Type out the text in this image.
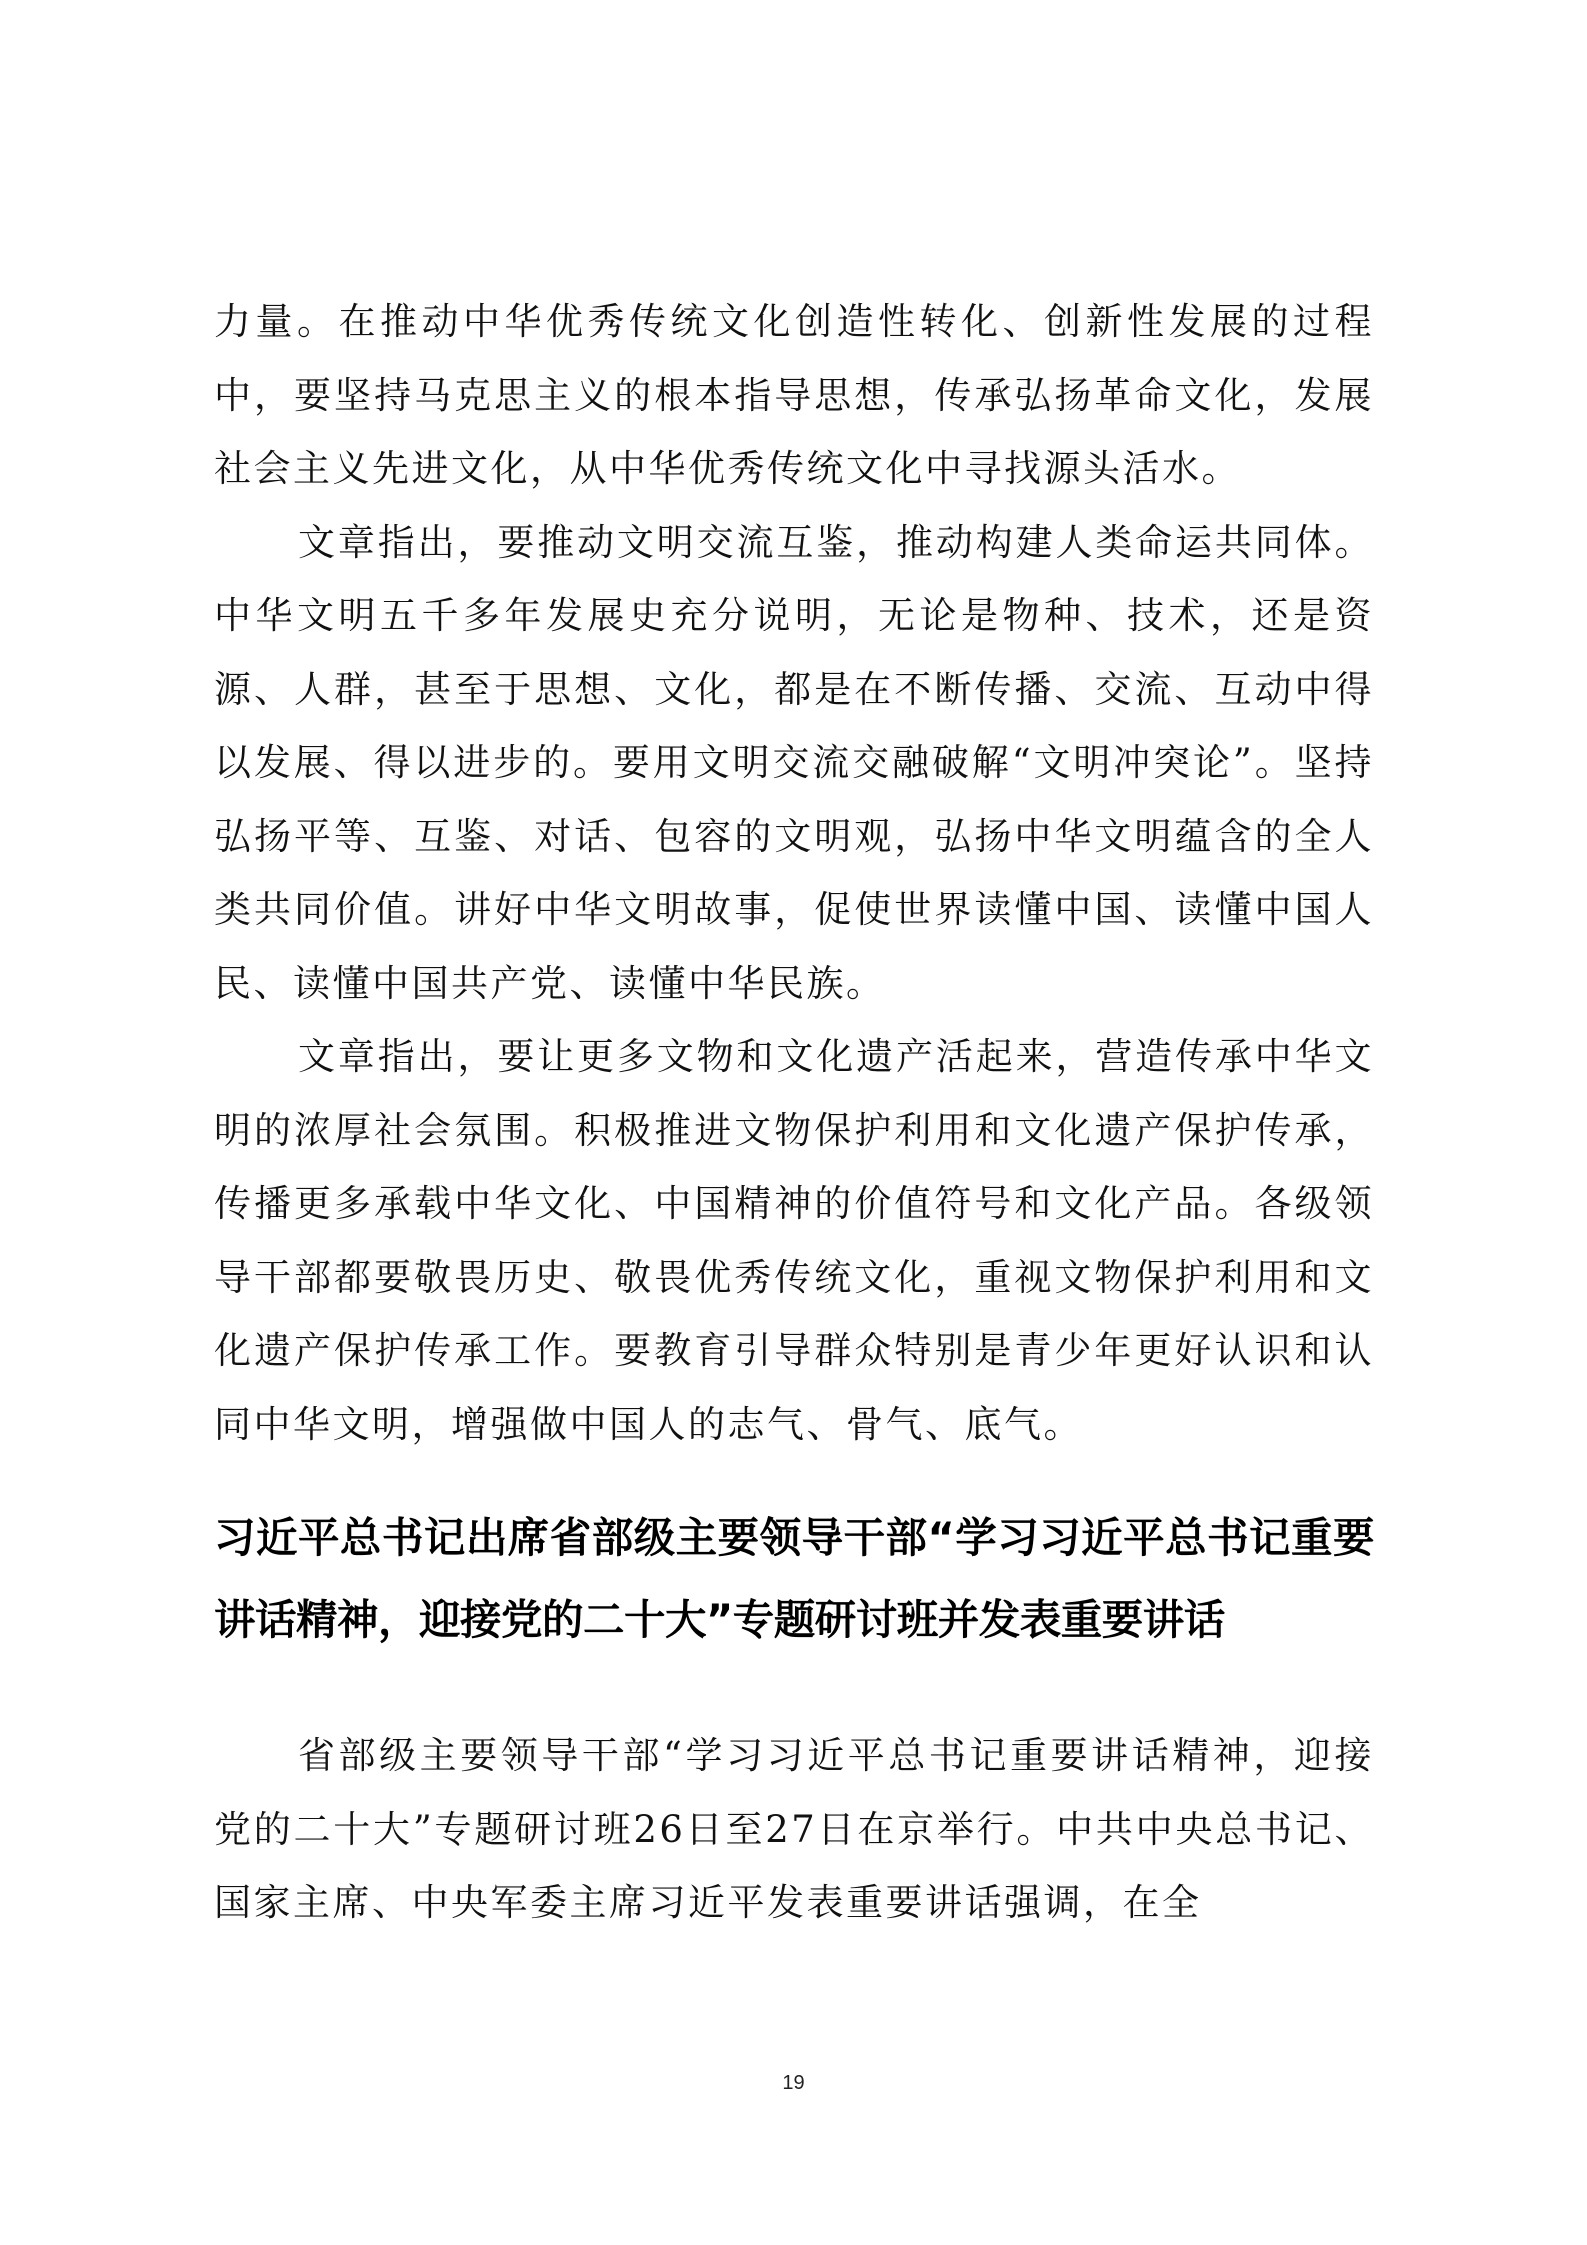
力量。在推动中华优秀传统文化创造性转化、创新性发展的过程中，要坚持马克思主义的根本指导思想，传承弘扬革命文化，发展社会主义先进文化，从中华优秀传统文化中寻找源头活水。

文章指出，要推动文明交流互鉴，推动构建人类命运共同体。中华文明五千多年发展史充分说明，无论是物种、技术，还是资源、人群，甚至于思想、文化，都是在不断传播、交流、互动中得以发展、得以进步的。要用文明交流交融破解“文明冲突论”。坚持弘扬平等、互鉴、对话、包容的文明观，弘扬中华文明蕴含的全人类共同价值。讲好中华文明故事，促使世界读懂中国、读懂中国人民、读懂中国共产党、读懂中华民族。

文章指出，要让更多文物和文化遗产活起来，营造传承中华文明的浓厚社会氛围。积极推进文物保护利用和文化遗产保护传承，传播更多承载中华文化、中国精神的价值符号和文化产品。各级领导干部都要敬畏历史、敬畏优秀传统文化，重视文物保护利用和文化遗产保护传承工作。要教育引导群众特别是青少年更好认识和认同中华文明，增强做中国人的志气、骨气、底气。

习近平总书记出席省部级主要领导干部“学习习近平总书记重要讲话精神，迎接党的二十大”专题研讨班并发表重要讲话

省部级主要领导干部“学习习近平总书记重要讲话精神，迎接党的二十大”专题研讨班26日至27日在京举行。中共中央总书记、国家主席、中央军委主席习近平发表重要讲话强调，在全

19
